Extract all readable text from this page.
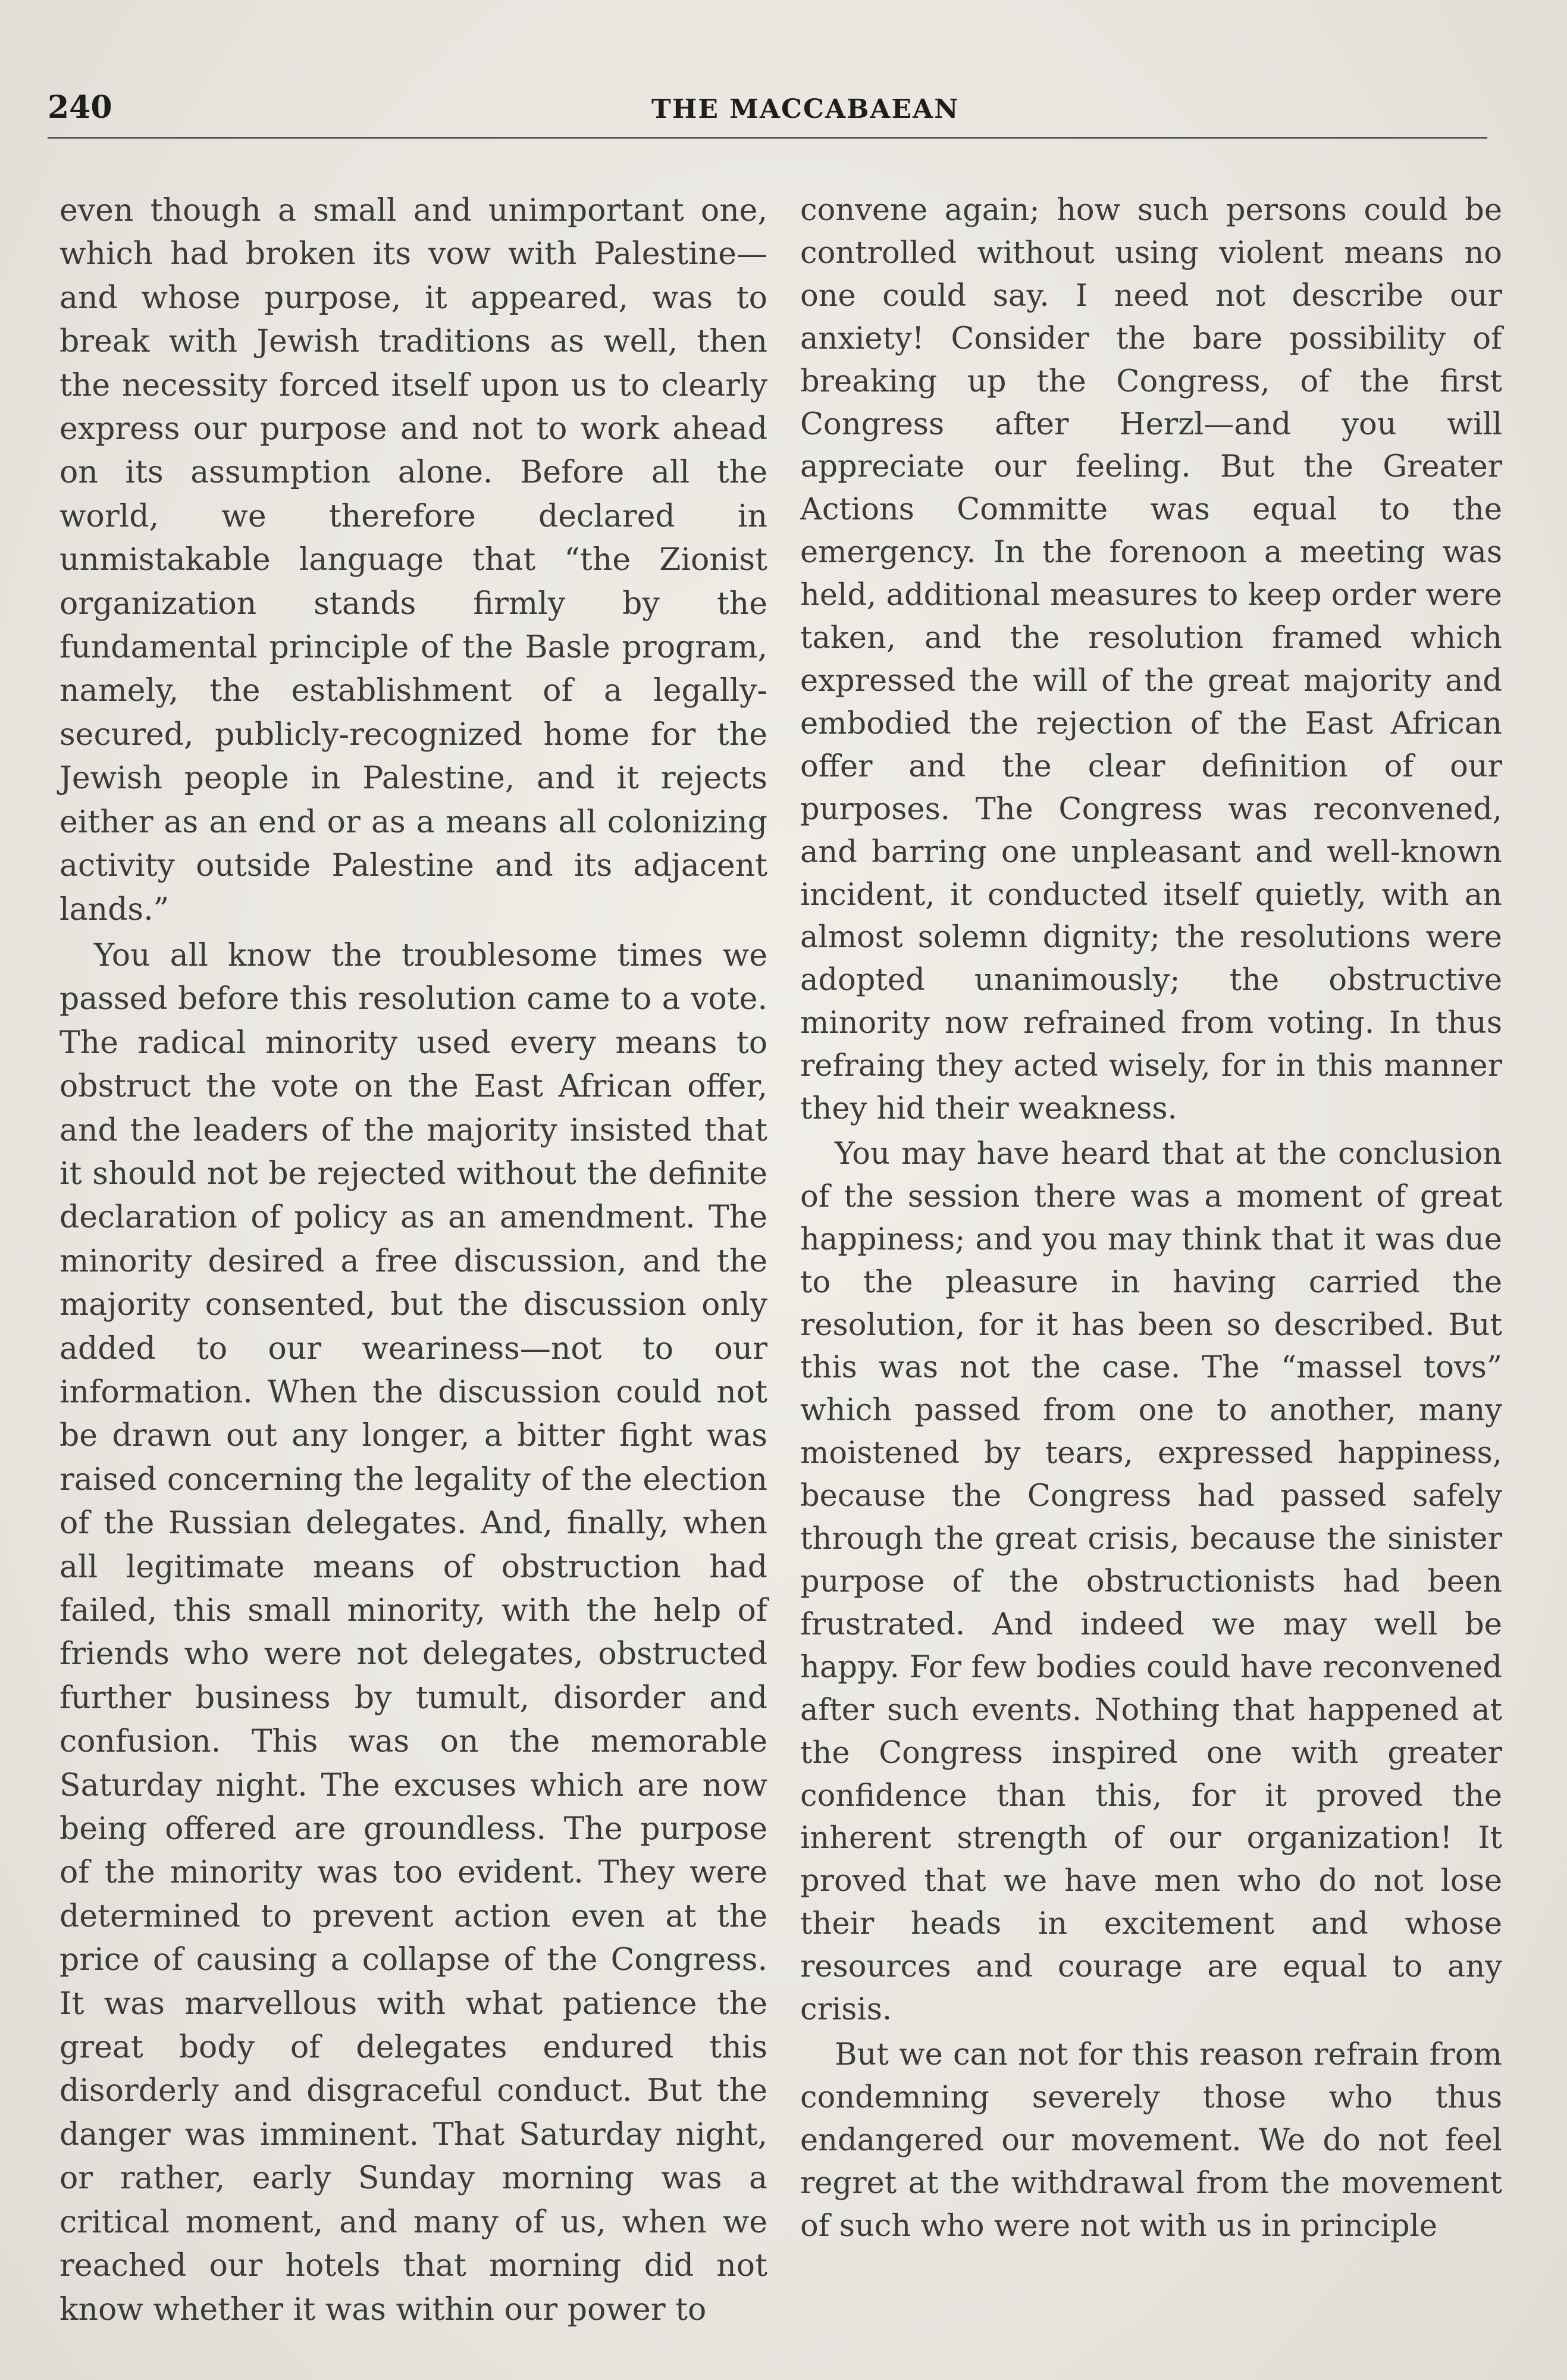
240	THE MACCABAEAN

even though a small and unimportant one, which had broken its vow with Palestine—and whose purpose, it appeared, was to break with Jewish traditions as well, then the necessity forced itself upon us to clearly express our purpose and not to work ahead on its assumption alone. Before all the world, we therefore declared in unmistakable language that “the Zionist organization stands firmly by the fundamental principle of the Basle program, namely, the establishment of a legally-secured, publicly-recognized home for the Jewish people in Palestine, and it rejects either as an end or as a means all colonizing activity outside Palestine and its adjacent lands.”

You all know the troublesome times we passed before this resolution came to a vote. The radical minority used every means to obstruct the vote on the East African offer, and the leaders of the majority insisted that it should not be rejected without the definite declaration of policy as an amendment. The minority desired a free discussion, and the majority consented, but the discussion only added to our weariness—not to our information. When the discussion could not be drawn out any longer, a bitter fight was raised concerning the legality of the election of the Russian delegates. And, finally, when all legitimate means of obstruction had failed, this small minority, with the help of friends who were not delegates, obstructed further business by tumult, disorder and confusion. This was on the memorable Saturday night. The excuses which are now being offered are groundless. The purpose of the minority was too evident. They were determined to prevent action even at the price of causing a collapse of the Congress. It was marvellous with what patience the great body of delegates endured this disorderly and disgraceful conduct. But the danger was imminent. That Saturday night, or rather, early Sunday morning was a critical moment, and many of us, when we reached our hotels that morning did not know whether it was within our power to

convene again; how such persons could be controlled without using violent means no one could say. I need not describe our anxiety! Consider the bare possibility of breaking up the Congress, of the first Congress after Herzl—and you will appreciate our feeling. But the Greater Actions Committe was equal to the emergency. In the forenoon a meeting was held, additional measures to keep order were taken, and the resolution framed which expressed the will of the great majority and embodied the rejection of the East African offer and the clear definition of our purposes. The Congress was reconvened, and barring one unpleasant and well-known incident, it conducted itself quietly, with an almost solemn dignity; the resolutions were adopted unanimously; the obstructive minority now refrained from voting. In thus refraing they acted wisely, for in this manner they hid their weakness.

You may have heard that at the conclusion of the session there was a moment of great happiness; and you may think that it was due to the pleasure in having carried the resolution, for it has been so described. But this was not the case. The “massel tovs” which passed from one to another, many moistened by tears, expressed happiness, because the Congress had passed safely through the great crisis, because the sinister purpose of the obstructionists had been frustrated. And indeed we may well be happy. For few bodies could have reconvened after such events. Nothing that happened at the Congress inspired one with greater confidence than this, for it proved the inherent strength of our organization! It proved that we have men who do not lose their heads in excitement and whose resources and courage are equal to any crisis.

But we can not for this reason refrain from condemning severely those who thus endangered our movement. We do not feel regret at the withdrawal from the movement of such who were not with us in principle
